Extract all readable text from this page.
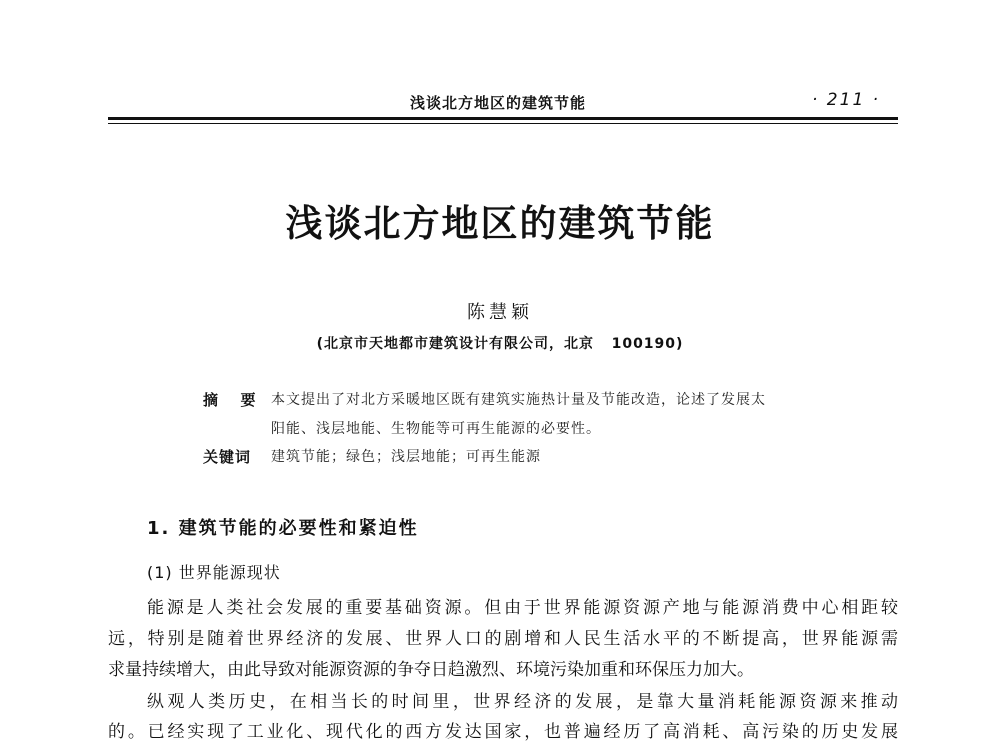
浅谈北方地区的建筑节能	· 211 ·
浅谈北方地区的建筑节能
陈慧颖
(北京市天地都市建筑设计有限公司，北京   100190)
摘  要 本文提出了对北方采暖地区既有建筑实施热计量及节能改造，论述了发展太
阳能、浅层地能、生物能等可再生能源的必要性。
关键词 建筑节能；绿色；浅层地能；可再生能源
1. 建筑节能的必要性和紧迫性
(1) 世界能源现状
能源是人类社会发展的重要基础资源。但由于世界能源资源产地与能源消费中心相距较
远，特别是随着世界经济的发展、世界人口的剧增和人民生活水平的不断提高，世界能源需
求量持续增大，由此导致对能源资源的争夺日趋激烈、环境污染加重和环保压力加大。
纵观人类历史，在相当长的时间里，世界经济的发展，是靠大量消耗能源资源来推动
的。已经实现了工业化、现代化的西方发达国家，也普遍经历了高消耗、高污染的历史发展
